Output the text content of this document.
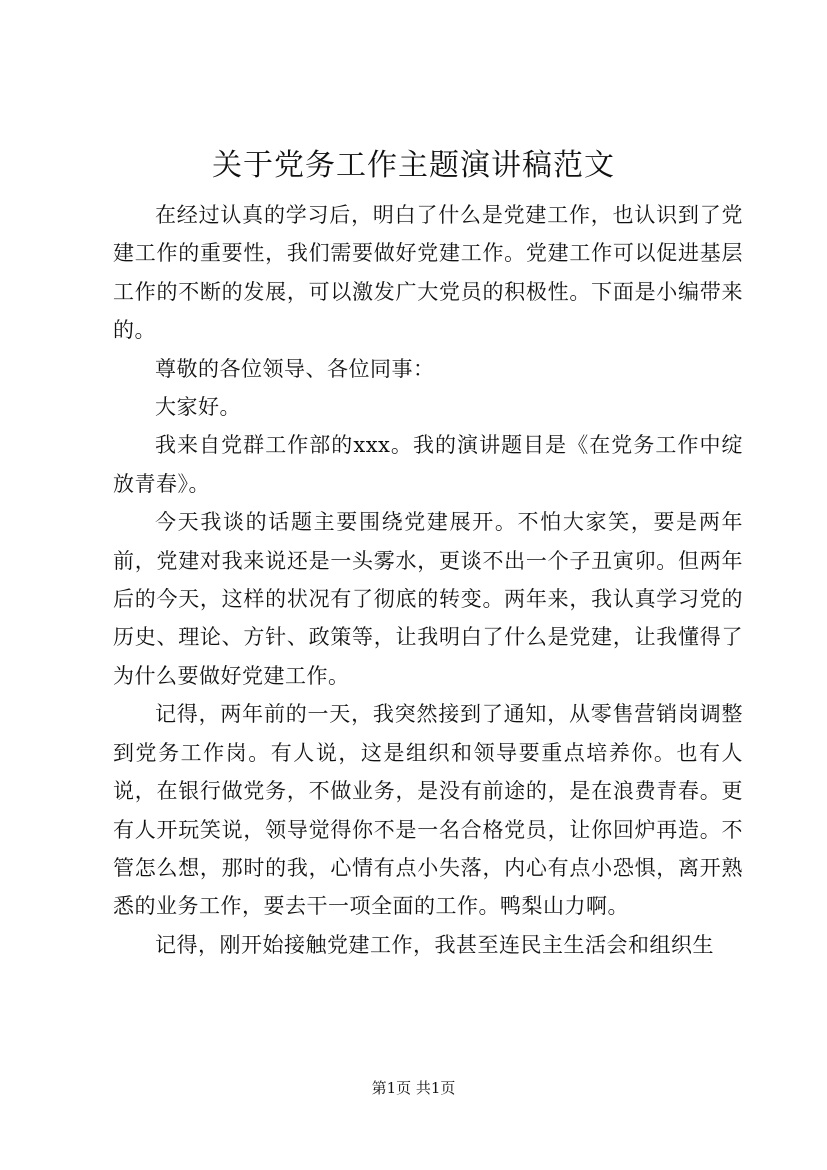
关于党务工作主题演讲稿范文

在经过认真的学习后，明白了什么是党建工作，也认识到了党建工作的重要性，我们需要做好党建工作。党建工作可以促进基层工作的不断的发展，可以激发广大党员的积极性。下面是小编带来的。

尊敬的各位领导、各位同事：

大家好。

我来自党群工作部的xxx。我的演讲题目是《在党务工作中绽放青春》。

今天我谈的话题主要围绕党建展开。不怕大家笑，要是两年前，党建对我来说还是一头雾水，更谈不出一个子丑寅卯。但两年后的今天，这样的状况有了彻底的转变。两年来，我认真学习党的历史、理论、方针、政策等，让我明白了什么是党建，让我懂得了为什么要做好党建工作。

记得，两年前的一天，我突然接到了通知，从零售营销岗调整到党务工作岗。有人说，这是组织和领导要重点培养你。也有人说，在银行做党务，不做业务，是没有前途的，是在浪费青春。更有人开玩笑说，领导觉得你不是一名合格党员，让你回炉再造。不管怎么想，那时的我，心情有点小失落，内心有点小恐惧，离开熟悉的业务工作，要去干一项全面的工作。鸭梨山力啊。

记得，刚开始接触党建工作，我甚至连民主生活会和组织生

第1页 共1页
